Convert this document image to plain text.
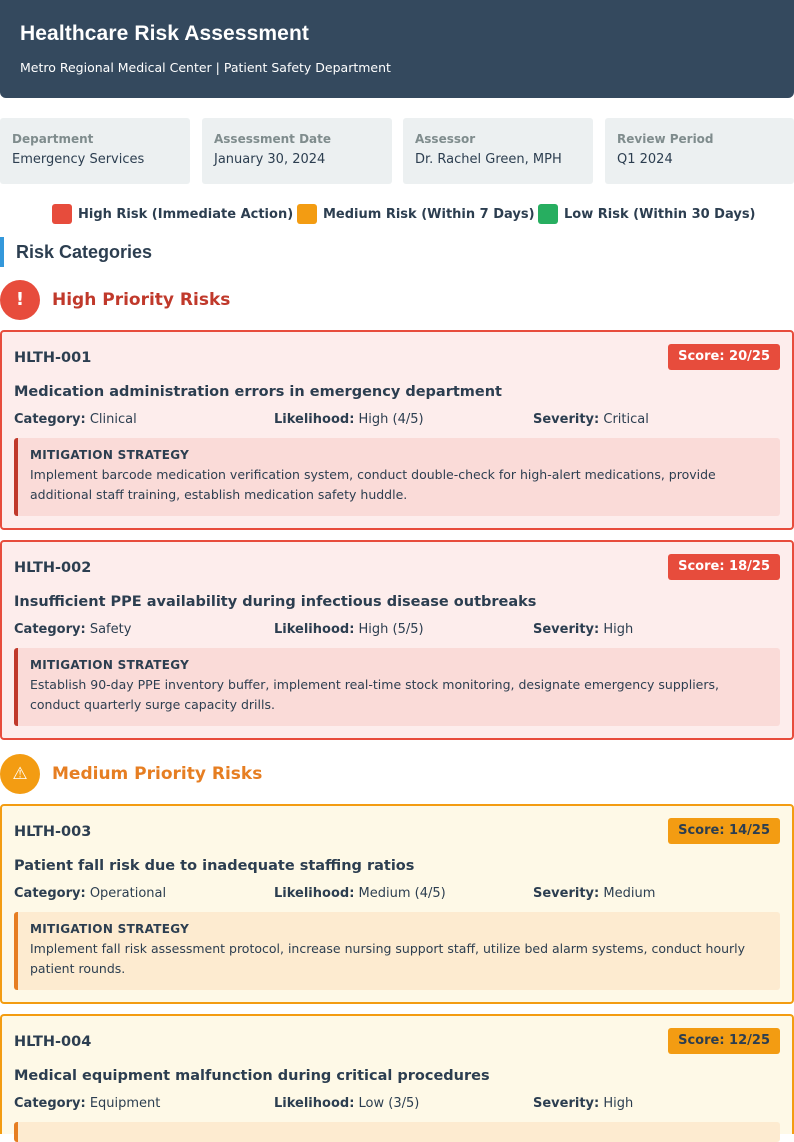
Healthcare Risk Assessment
Metro Regional Medical Center | Patient Safety Department
Department
Emergency Services
Assessment Date
January 30, 2024
Assessor
Dr. Rachel Green, MPH
Review Period
Q1 2024
High Risk (Immediate Action) Medium Risk (Within 7 Days) Low Risk (Within 30 Days)
Risk Categories
!	High Priority Risks
HLTH-001	Score: 20/25
Medication administration errors in emergency department
Category: Clinical	Likelihood: High (4/5)	Severity: Critical
MITIGATION STRATEGY
Implement barcode medication verification system, conduct double-check for high-alert medications, provide additional staff training, establish medication safety huddle.
HLTH-002	Score: 18/25
Insufficient PPE availability during infectious disease outbreaks
Category: Safety	Likelihood: High (5/5)	Severity: High
MITIGATION STRATEGY
Establish 90-day PPE inventory buffer, implement real-time stock monitoring, designate emergency suppliers, conduct quarterly surge capacity drills.
⚠	Medium Priority Risks
HLTH-003	Score: 14/25
Patient fall risk due to inadequate staffing ratios
Category: Operational	Likelihood: Medium (4/5)	Severity: Medium
MITIGATION STRATEGY
Implement fall risk assessment protocol, increase nursing support staff, utilize bed alarm systems, conduct hourly patient rounds.
HLTH-004	Score: 12/25
Medical equipment malfunction during critical procedures
Category: Equipment	Likelihood: Low (3/5)	Severity: High
